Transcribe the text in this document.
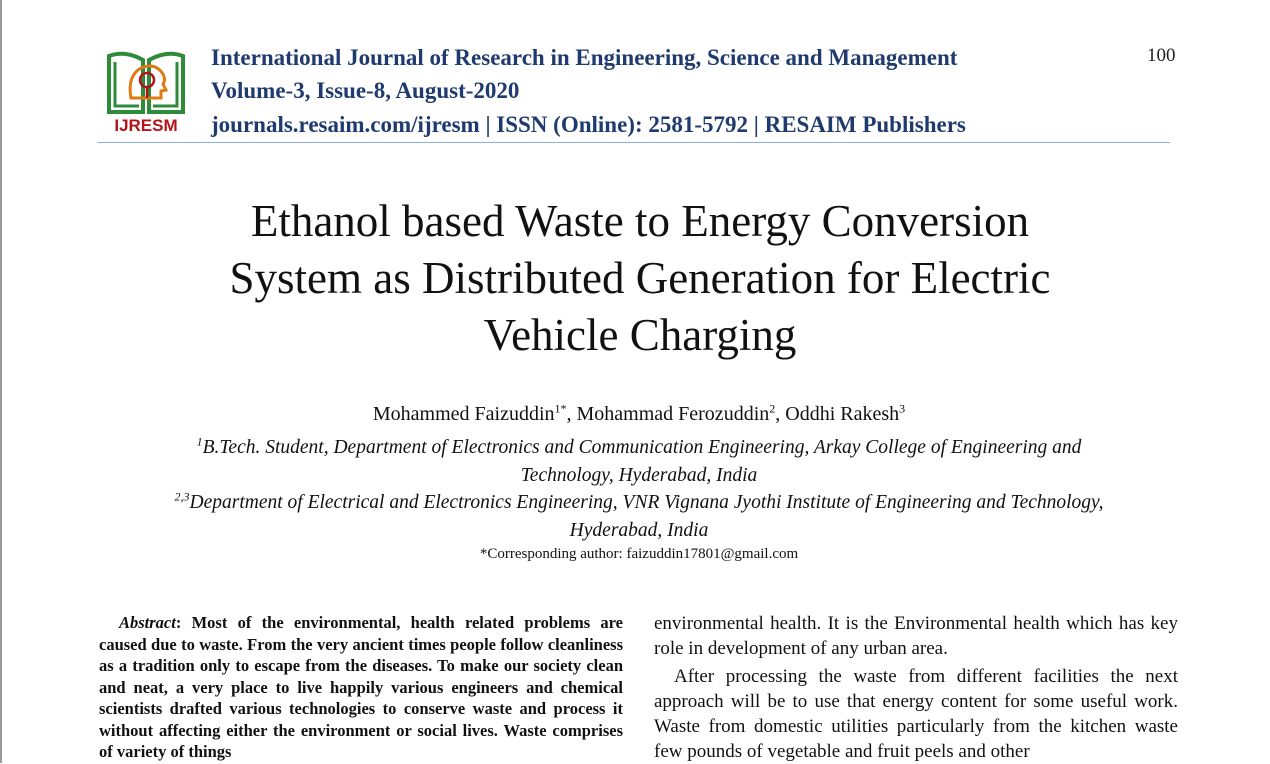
IJRESM
International Journal of Research in Engineering, Science and Management
Volume-3, Issue-8, August-2020
journals.resaim.com/ijresm | ISSN (Online): 2581-5792 | RESAIM Publishers
100
Ethanol based Waste to Energy Conversion
System as Distributed Generation for Electric
Vehicle Charging
Mohammed Faizuddin$^{1*}$, Mohammad Ferozuddin$^2$, Oddhi Rakesh$^3$
$^1$B.Tech. Student, Department of Electronics and Communication Engineering, Arkay College of Engineering and Technology, Hyderabad, India
$^{2,3}$Department of Electrical and Electronics Engineering, VNR Vignana Jyothi Institute of Engineering and Technology, Hyderabad, India
*Corresponding author: faizuddin17801@gmail.com
Abstract: Most of the environmental, health related problems are caused due to waste. From the very ancient times people follow cleanliness as a tradition only to escape from the diseases. To make our society clean and neat, a very place to live happily various engineers and chemical scientists drafted various technologies to conserve waste and process it without affecting either the environment or social lives. Waste comprises of variety of things

environmental health. It is the Environmental health which has key role in development of any urban area.

After processing the waste from different facilities the next approach will be to use that energy content for some useful work. Waste from domestic utilities particularly from the kitchen waste few pounds of vegetable and fruit peels and other
